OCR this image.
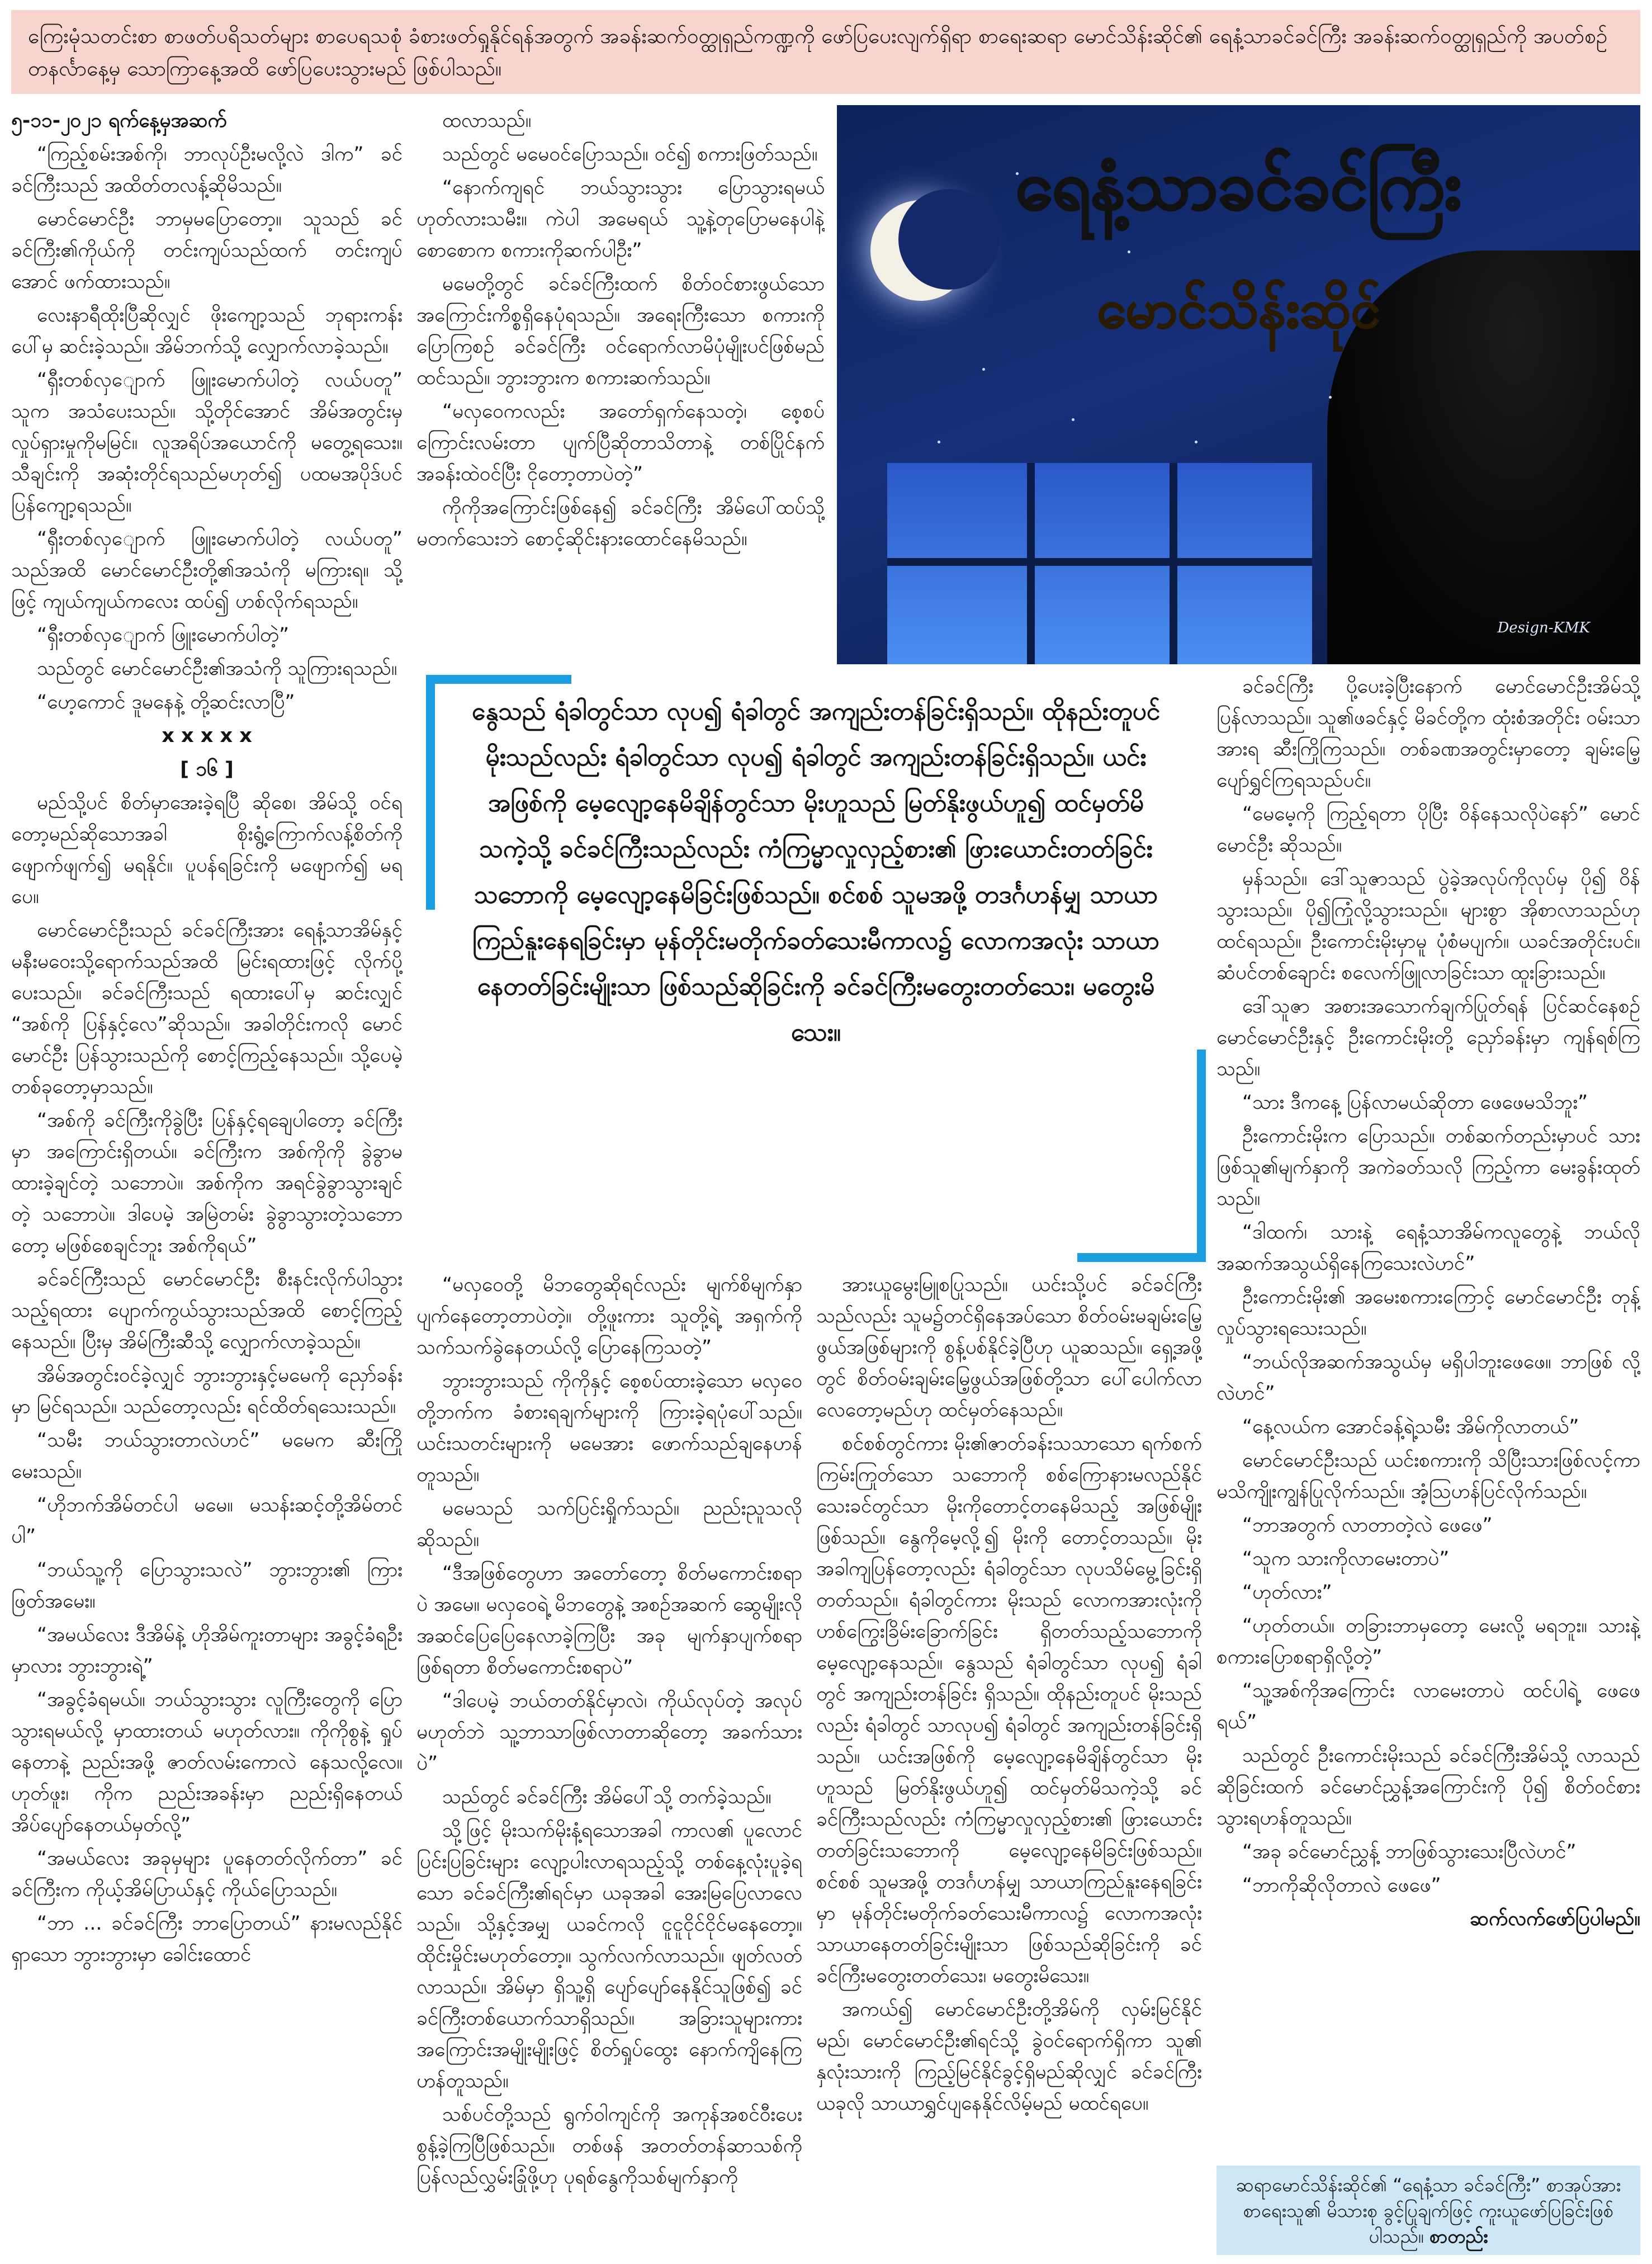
ကြေးမုံသတင်းစာ စာဖတ်ပရိသတ်များ စာပေရသစုံ ခံစားဖတ်ရှုနိုင်ရန်အတွက် အခန်းဆက်ဝတ္ထုရှည်ကဏ္ဍကို ဖော်ပြပေးလျက်ရှိရာ စာရေးဆရာ မောင်သိန်းဆိုင်၏ ရေနံ့သာခင်ခင်ကြီး အခန်းဆက်ဝတ္ထုရှည်ကို အပတ်စဉ် တနင်္လာနေ့မှ သောကြာနေ့အထိ ဖော်ပြပေးသွားမည် ဖြစ်ပါသည်။

၅-၁၁-၂၀၂၁ ရက်နေ့မှအဆက်

“ကြည့်စမ်းအစ်ကို၊ ဘာလုပ်ဦးမလို့လဲ ဒါက” ခင်ခင်ကြီးသည် အထိတ်တလန့်ဆိုမိသည်။

မောင်မောင်ဦး ဘာမှမပြောတော့။ သူသည် ခင်ခင်ကြီး၏ကိုယ်ကို တင်းကျပ်သည်ထက် တင်းကျပ်အောင် ဖက်ထားသည်။

လေးနာရီထိုးပြီဆိုလျှင် ဖိုးကျော့သည် ဘုရားကန်းပေါ်မှ ဆင်းခဲ့သည်။ အိမ်ဘက်သို့ လျှောက်လာခဲ့သည်။

“ရှီးတစ်လှျောက် ဖြူးမောက်ပါတဲ့ လယ်ပတူ” သူက အသံပေးသည်။ သို့တိုင်အောင် အိမ်အတွင်းမှ လှုပ်ရှားမှုကိုမမြင်။ လူအရိပ်အယောင်ကို မတွေ့ရသေး။ သီချင်းကို အဆုံးတိုင်ရသည်မဟုတ်၍ ပထမအပိုဒ်ပင် ပြန်ကျော့ရသည်။

“ရှီးတစ်လှျောက် ဖြူးမောက်ပါတဲ့ လယ်ပတူ” သည်အထိ မောင်မောင်ဦးတို့၏အသံကို မကြားရ။ သို့ဖြင့် ကျယ်ကျယ်ကလေး ထပ်၍ ဟစ်လိုက်ရသည်။

“ရှီးတစ်လှျောက် ဖြူးမောက်ပါတဲ့”

သည်တွင် မောင်မောင်ဦး၏အသံကို သူကြားရသည်။

“ဟေ့ကောင် ဒူမနေနဲ့ တို့ဆင်းလာပြီ”

x x x x x

[ ၁၆ ]

မည်သို့ပင် စိတ်မှာအေးခဲ့ရပြီ ဆိုစေ၊ အိမ်သို့ ဝင်ရတော့မည်ဆိုသောအခါ စိုးရွံ့ကြောက်လန့်စိတ်ကို ဖျောက်ဖျက်၍ မရနိုင်။ ပူပန်ရခြင်းကို မဖျောက်၍ မရပေ။

မောင်မောင်ဦးသည် ခင်ခင်ကြီးအား ရေနံ့သာအိမ်နှင့် မနီးမဝေးသို့ရောက်သည်အထိ မြင်းရထားဖြင့် လိုက်ပို့ပေးသည်။ ခင်ခင်ကြီးသည် ရထားပေါ်မှ ဆင်းလျှင် “အစ်ကို ပြန်နှင့်လေ”ဆိုသည်။ အခါတိုင်းကလို မောင်မောင်ဦး ပြန်သွားသည်ကို စောင့်ကြည့်နေသည်။ သို့ပေမဲ့ တစ်ခုတော့မှာသည်။

“အစ်ကို ခင်ကြီးကိုခွဲပြီး ပြန်နှင့်ရချေပါတော့ ခင်ကြီးမှာ အကြောင်းရှိတယ်။ ခင်ကြီးက အစ်ကိုကို ခွဲခွာမထားခဲ့ချင်တဲ့ သဘောပဲ။ အစ်ကိုက အရင်ခွဲခွာသွားချင်တဲ့ သဘောပဲ။ ဒါပေမဲ့ အမြဲတမ်း ခွဲခွာသွားတဲ့သဘောတော့ မဖြစ်စေချင်ဘူး အစ်ကိုရယ်”

ခင်ခင်ကြီးသည် မောင်မောင်ဦး စီးနင်းလိုက်ပါသွားသည့်ရထား ပျောက်ကွယ်သွားသည်အထိ စောင့်ကြည့်နေသည်။ ပြီးမှ အိမ်ကြီးဆီသို့ လျှောက်လာခဲ့သည်။

အိမ်အတွင်းဝင်ခဲ့လျှင် ဘွားဘွားနှင့်မမေကို ညှော်ခန်းမှာ မြင်ရသည်။ သည်တော့လည်း ရင်ထိတ်ရသေးသည်။

“သမီး ဘယ်သွားတာလဲဟင်” မမေက ဆီးကြိုမေးသည်။

“ဟိုဘက်အိမ်တင်ပါ မမေ။ မသန်းဆင့်တို့အိမ်တင်ပါ”

“ဘယ်သူ့ကို ပြောသွားသလဲ” ဘွားဘွား၏ ကြားဖြတ်အမေး။

“အမယ်လေး ဒီအိမ်နဲ့ ဟိုအိမ်ကူးတာများ အခွင့်ခံရဦးမှာလား ဘွားဘွားရဲ့”

“အခွင့်ခံရမယ်။ ဘယ်သွားသွား လူကြီးတွေကို ပြောသွားရမယ်လို့ မှာထားတယ် မဟုတ်လား။ ကိုကိုစွနဲ့ ရှုပ်နေတာနဲ့ ညည်းအဖို့ ဇာတ်လမ်းကောလဲ နေသလို့လေ။ ဟုတ်ဖူး၊ ကိုက ညည်းအခန်းမှာ ညည်းရှိနေတယ် အိပ်ပျော်နေတယ်မှတ်လို့”

“အမယ်လေး အခုမှများ ပူနေတတ်လိုက်တာ” ခင်ခင်ကြီးက ကိုယ့်အိမ်ပြာယ်နှင့် ကိုယ်ပြောသည်။

“ဘာ ... ခင်ခင်ကြီး ဘာပြောတယ်” နားမလည်နိုင်ရှာသော ဘွားဘွားမှာ ခေါင်းထောင်

ထလာသည်။

သည်တွင် မမေဝင်ပြောသည်။ ဝင်၍ စကားဖြတ်သည်။

“နောက်ကျရင် ဘယ်သွားသွား ပြောသွားရမယ် ဟုတ်လားသမီး။ ကဲပါ အမေရယ် သူ့နဲ့တုပြောမနေပါနဲ့ စောစောက စကားကိုဆက်ပါဦး”

မမေတို့တွင် ခင်ခင်ကြီးထက် စိတ်ဝင်စားဖွယ်သော အကြောင်းကိစ္စရှိနေပုံရသည်။ အရေးကြီးသော စကားကို ပြောကြစဉ် ခင်ခင်ကြီး ဝင်ရောက်လာမိပုံမျိုးပင်ဖြစ်မည် ထင်သည်။ ဘွားဘွားက စကားဆက်သည်။

“မလှဝေကလည်း အတော်ရှက်နေသတဲ့၊ စေ့စပ်ကြောင်းလမ်းတာ ပျက်ပြီဆိုတာသိတာနဲ့ တစ်ပြိုင်နက် အခန်းထဲဝင်ပြီး ငိုတော့တာပဲတဲ့”

ကိုကိုအကြောင်းဖြစ်နေ၍ ခင်ခင်ကြီး အိမ်ပေါ်ထပ်သို့ မတက်သေးဘဲ စောင့်ဆိုင်းနားထောင်နေမိသည်။

ရေနံ့သာခင်ခင်ကြီး
မောင်သိန်းဆိုင်
Design-KMK
နွေသည် ရံခါတွင်သာ လုပ၍ ရံခါတွင် အကျည်းတန်ခြင်းရှိသည်။ ထိုနည်းတူပင် မိုးသည်လည်း ရံခါတွင်သာ လုပ၍ ရံခါတွင် အကျည်းတန်ခြင်းရှိသည်။ ယင်းအဖြစ်ကို မေ့လျော့နေမိချိန်တွင်သာ မိုးဟူသည် မြတ်နိုးဖွယ်ဟူ၍ ထင်မှတ်မိသကဲ့သို့ ခင်ခင်ကြီးသည်လည်း ကံကြမ္မာလှုလှည့်စား၏ ဖြားယောင်းတတ်ခြင်းသဘောကို မေ့လျော့နေမိခြင်းဖြစ်သည်။ စင်စစ် သူမအဖို့ တဒင်္ဂဟန်မျှ သာယာကြည်နူးနေရခြင်းမှာ မုန်တိုင်းမတိုက်ခတ်သေးမီကာလ၌ လောကအလုံး သာယာနေတတ်ခြင်းမျိုးသာ ဖြစ်သည်ဆိုခြင်းကို ခင်ခင်ကြီးမတွေးတတ်သေး၊ မတွေးမိသေး။

“မလှဝေတို့ မိဘတွေဆိုရင်လည်း မျက်စိမျက်နှာ ပျက်နေတော့တာပဲတဲ့။ တို့ဖူးကား သူတို့ရဲ့ အရှက်ကို သက်သက်ခွဲနေတယ်လို့ ပြောနေကြသတဲ့”

ဘွားဘွားသည် ကိုကိုနှင့် စေ့စပ်ထားခဲ့သော မလှဝေတို့ဘက်က ခံစားရချက်များကို ကြားခဲ့ရပုံပေါ်သည်။ ယင်းသတင်းများကို မမေအား ဖောက်သည်ချနေဟန်တူသည်။

မမေသည် သက်ပြင်းရှိုက်သည်။ ညည်းညူသလို ဆိုသည်။

“ဒီအဖြစ်တွေဟာ အတော်တော့ စိတ်မကောင်းစရာပဲ အမေ။ မလှဝေရဲ့ မိဘတွေနဲ့ အစဉ်အဆက် ဆွေမျိုးလို အဆင်ပြေပြေနေလာခဲ့ကြပြီး အခု မျက်နှာပျက်စရာ ဖြစ်ရတာ စိတ်မကောင်းစရာပဲ”

“ဒါပေမဲ့ ဘယ်တတ်နိုင်မှာလဲ၊ ကိုယ်လုပ်တဲ့ အလုပ်မဟုတ်ဘဲ သူ့ဘာသာဖြစ်လာတာဆိုတော့ အခက်သားပဲ”

သည်တွင် ခင်ခင်ကြီး အိမ်ပေါ်သို့ တက်ခဲ့သည်။

သို့ဖြင့် မိုးသက်မိုးနံ့ရသောအခါ ကာလ၏ ပူလောင်ပြင်းပြခြင်းများ လျော့ပါးလာရသည့်သို့ တစ်နေ့လုံးပူခဲ့ရသော ခင်ခင်ကြီး၏ရင်မှာ ယခုအခါ အေးမြပြေလာလေသည်။ သို့နှင့်အမျှ ယခင်ကလို ငူငူငိုင်ငိုင်မနေတော့။ ထိုင်းမှိုင်းမဟုတ်တော့။ သွက်လက်လာသည်။ ဖျတ်လတ်လာသည်။ အိမ်မှာ ရှိသူ့ရှိ ပျော်ပျော်နေနိုင်သူဖြစ်၍ ခင်ခင်ကြီးတစ်ယောက်သာရှိသည်။ အခြားသူများကား အကြောင်းအမျိုးမျိုးဖြင့် စိတ်ရှုပ်ထွေး နောက်ကျိနေကြဟန်တူသည်။

သစ်ပင်တို့သည် ရွက်ဝါကျင်ကို အကုန်အစင်ဝီးပေး စွန့်ခဲ့ကြပြီဖြစ်သည်။ တစ်ဖန် အတတ်တန်ဆာသစ်ကို ပြန်လည်လွှမ်းခြုံဖို့ဟု ပုရစ်နွေကိုသစ်မျက်နှာကို

အားယူမွေးမြူစပြုသည်။ ယင်းသို့ပင် ခင်ခင်ကြီးသည်လည်း သူမ၌တင်ရှိနေအပ်သော စိတ်ဝမ်းမချမ်းမြေ့ဖွယ်အဖြစ်များကို စွန့်ပစ်နိုင်ခဲ့ပြီဟု ယူဆသည်။ ရှေ့အဖို့တွင် စိတ်ဝမ်းချမ်းမြေ့ဖွယ်အဖြစ်တို့သာ ပေါ်ပေါက်လာလေတော့မည်ဟု ထင်မှတ်နေသည်။

စင်စစ်တွင်ကား မိုး၏ဇာတ်ခန်းသသာသော ရက်စက်ကြမ်းကြုတ်သော သဘောကို စစ်ကြောနားမလည်နိုင်သေးခင်တွင်သာ မိုးကိုတောင့်တနေမိသည့် အဖြစ်မျိုးဖြစ်သည်။ နွေကိုမေ့လို့၍ မိုးကို တောင့်တသည်။ မိုးအခါကျပြန်တော့လည်း ရံခါတွင်သာ လုပသိမ်မွေ့ခြင်းရှိတတ်သည်။ ရံခါတွင်ကား မိုးသည် လောကအားလုံးကို ဟစ်ကြွေးခြိမ်းခြောက်ခြင်း ရှိတတ်သည့်သဘောကို မေ့လျော့နေသည်။ နွေသည် ရံခါတွင်သာ လုပ၍ ရံခါတွင် အကျည်းတန်ခြင်း ရှိသည်။ ထိုနည်းတူပင် မိုးသည်လည်း ရံခါတွင် သာလုပ၍ ရံခါတွင် အကျည်းတန်ခြင်းရှိသည်။ ယင်းအဖြစ်ကို မေ့လျော့နေမိချိန်တွင်သာ မိုးဟူသည် မြတ်နိုးဖွယ်ဟူ၍ ထင်မှတ်မိသကဲ့သို့ ခင်ခင်ကြီးသည်လည်း ကံကြမ္မာလှုလှည့်စား၏ ဖြားယောင်းတတ်ခြင်းသဘောကို မေ့လျော့နေမိခြင်းဖြစ်သည်။ စင်စစ် သူမအဖို့ တဒင်္ဂဟန်မျှ သာယာကြည်နူးနေရခြင်းမှာ မုန်တိုင်းမတိုက်ခတ်သေးမီကာလ၌ လောကအလုံး သာယာနေတတ်ခြင်းမျိုးသာ ဖြစ်သည်ဆိုခြင်းကို ခင်ခင်ကြီးမတွေးတတ်သေး၊ မတွေးမိသေး။

အကယ်၍ မောင်မောင်ဦးတို့အိမ်ကို လှမ်းမြင်နိုင်မည်၊ မောင်မောင်ဦး၏ရင်သို့ ခွဲဝင်ရောက်ရှိကာ သူ၏ နှလုံးသားကို ကြည့်မြင်နိုင်ခွင့်ရှိမည်ဆိုလျှင် ခင်ခင်ကြီး ယခုလို သာယာရွှင်ပျနေနိုင်လိမ့်မည် မထင်ရပေ။

ခင်ခင်ကြီး ပို့ပေးခဲ့ပြီးနောက် မောင်မောင်ဦးအိမ်သို့ ပြန်လာသည်။ သူ၏ဖခင်နှင့် မိခင်တို့က ထုံးစံအတိုင်း ဝမ်းသာအားရ ဆီးကြိုကြသည်။ တစ်ခဏအတွင်းမှာတော့ ချမ်းမြေ့ပျော်ရွှင်ကြရသည်ပင်။

“မေမေ့ကို ကြည့်ရတာ ပိုပြီး ဝိန်နေသလိုပဲနော်” မောင်မောင်ဦး ဆိုသည်။

မှန်သည်။ ဒေါ်သူဇာသည် ပွဲခဲ့အလုပ်ကိုလုပ်မှ ပို၍ ဝိန်သွားသည်။ ပို၍ကြုံလို့သွားသည်။ များစွာ အိုစာလာသည်ဟု ထင်ရသည်။ ဦးကောင်းမိုးမှာမူ ပုံစံမပျက်။ ယခင်အတိုင်းပင်။ ဆံပင်တစ်ချောင်း စလေက်ဖြူလာခြင်းသာ ထူးခြားသည်။

ဒေါ်သူဇာ အစားအသောက်ချက်ပြုတ်ရန် ပြင်ဆင်နေစဉ် မောင်မောင်ဦးနှင့် ဦးကောင်းမိုးတို့ ညှော်ခန်းမှာ ကျန်ရစ်ကြသည်။

“သား ဒီကနေ့ ပြန်လာမယ်ဆိုတာ ဖေဖေမသိဘူး”

ဦးကောင်းမိုးက ပြောသည်။ တစ်ဆက်တည်းမှာပင် သားဖြစ်သူ၏မျက်နှာကို အကဲခတ်သလို ကြည့်ကာ မေးခွန်းထုတ်သည်။

“ဒါထက်၊ သားနဲ့ ရေနံ့သာအိမ်ကလူတွေနဲ့ ဘယ်လိုအဆက်အသွယ်ရှိနေကြသေးလဲဟင်”

ဦးကောင်းမိုး၏ အမေးစကားကြောင့် မောင်မောင်ဦး တုန့်လှုပ်သွားရသေးသည်။

“ဘယ်လိုအဆက်အသွယ်မှ မရှိပါဘူးဖေဖေ။ ဘာဖြစ် လို့လဲဟင်”

“နေ့လယ်က အောင်ခန့်ရဲ့သမီး အိမ်ကိုလာတယ်”

မောင်မောင်ဦးသည် ယင်းစကားကို သိပြီးသားဖြစ်လင့်ကာ မသိကျိုးကျွန်ပြုလိုက်သည်။ အံ့ဩဟန်ပြင်လိုက်သည်။

“ဘာအတွက် လာတာတဲ့လဲ ဖေဖေ”

“သူက သားကိုလာမေးတာပဲ”

“ဟုတ်လား”

“ဟုတ်တယ်။ တခြားဘာမှတော့ မေးလို့ မရဘူး။ သားနဲ့ စကားပြောစရာရှိလို့တဲ့”

“သူ့အစ်ကိုအကြောင်း လာမေးတာပဲ ထင်ပါရဲ့ ဖေဖေရယ်”

သည်တွင် ဦးကောင်းမိုးသည် ခင်ခင်ကြီးအိမ်သို့ လာသည်ဆိုခြင်းထက် ခင်မောင်ညွှန့်အကြောင်းကို ပို၍ စိတ်ဝင်စားသွားရဟန်တူသည်။

“အခု ခင်မောင်ညွှန့် ဘာဖြစ်သွားသေးပြီလဲဟင်”

“ဘာကိုဆိုလိုတာလဲ ဖေဖေ”

ဆက်လက်ဖော်ပြပါမည်။

ဆရာမောင်သိန်းဆိုင်၏ “ရေနံ့သာ ခင်ခင်ကြီး” စာအုပ်အား စာရေးသူ၏ မိသားစု ခွင့်ပြုချက်ဖြင့် ကူးယူဖော်ပြခြင်းဖြစ်ပါသည်။ စာတည်း
